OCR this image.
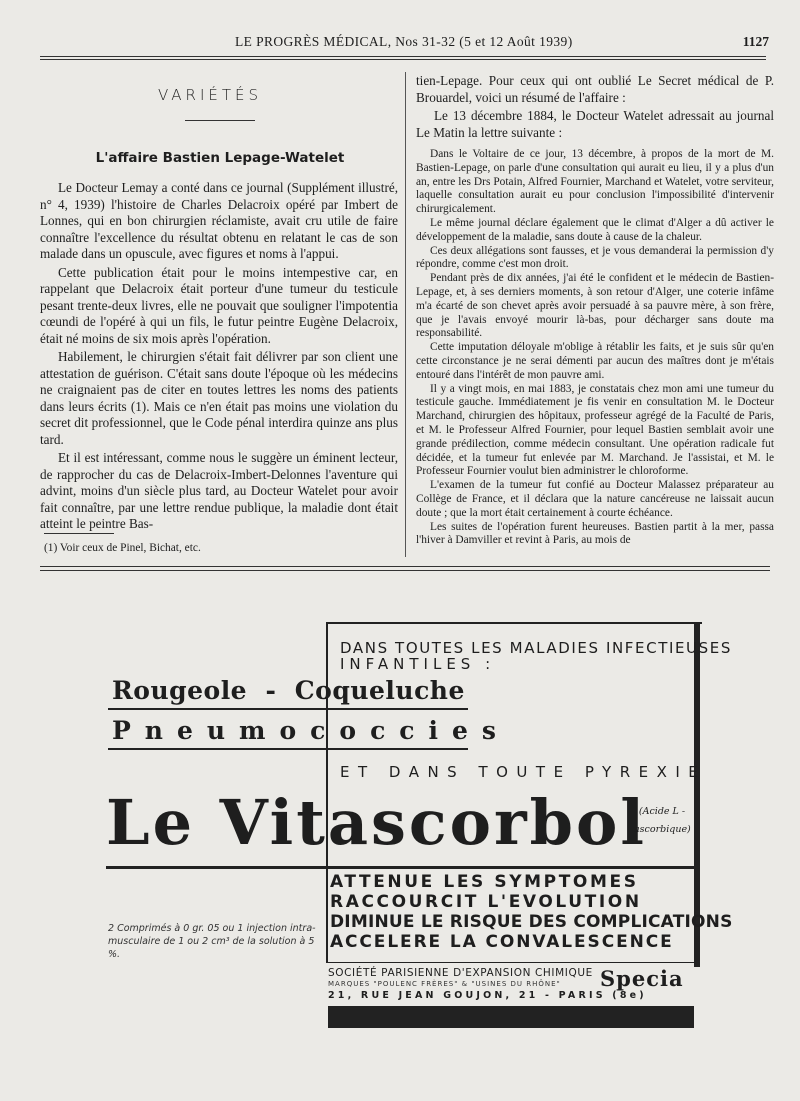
LE PROGRÈS MÉDICAL, Nos 31-32 (5 et 12 Août 1939)	1127
VARIÉTÉS
L'affaire Bastien Lepage-Watelet

Le Docteur Lemay a conté dans ce journal (Supplément illustré, n° 4, 1939) l'histoire de Charles Delacroix opéré par Imbert de Lonnes, qui en bon chirurgien réclamiste, avait cru utile de faire connaître l'excellence du résultat obtenu en relatant le cas de son malade dans un opuscule, avec figures et noms à l'appui.

Cette publication était pour le moins intempestive car, en rappelant que Delacroix était porteur d'une tumeur du testicule pesant trente-deux livres, elle ne pouvait que souligner l'impotentia cœundi de l'opéré à qui un fils, le futur peintre Eugène Delacroix, était né moins de six mois après l'opération.

Habilement, le chirurgien s'était fait délivrer par son client une attestation de guérison. C'était sans doute l'époque où les médecins ne craignaient pas de citer en toutes lettres les noms des patients dans leurs écrits (1). Mais ce n'en était pas moins une violation du secret dit professionnel, que le Code pénal interdira quinze ans plus tard.

Et il est intéressant, comme nous le suggère un éminent lecteur, de rapprocher du cas de Delacroix-Imbert-Delonnes l'aventure qui advint, moins d'un siècle plus tard, au Docteur Watelet pour avoir fait connaître, par une lettre rendue publique, la maladie dont était atteint le peintre Bas-

(1) Voir ceux de Pinel, Bichat, etc.

tien-Lepage. Pour ceux qui ont oublié Le Secret médical de P. Brouardel, voici un résumé de l'affaire :

Le 13 décembre 1884, le Docteur Watelet adressait au journal Le Matin la lettre suivante :

Dans le Voltaire de ce jour, 13 décembre, à propos de la mort de M. Bastien-Lepage, on parle d'une consultation qui aurait eu lieu, il y a plus d'un an, entre les Drs Potain, Alfred Fournier, Marchand et Watelet, votre serviteur, laquelle consultation aurait eu pour conclusion l'impossibilité d'intervenir chirurgicalement.

Le même journal déclare également que le climat d'Alger a dû activer le développement de la maladie, sans doute à cause de la chaleur.

Ces deux allégations sont fausses, et je vous demanderai la permission d'y répondre, comme c'est mon droit.

Pendant près de dix années, j'ai été le confident et le médecin de Bastien-Lepage, et, à ses derniers moments, à son retour d'Alger, une coterie infâme m'a écarté de son chevet après avoir persuadé à sa pauvre mère, à son frère, que je l'avais envoyé mourir là-bas, pour décharger sans doute ma responsabilité.

Cette imputation déloyale m'oblige à rétablir les faits, et je suis sûr qu'en cette circonstance je ne serai démenti par aucun des maîtres dont je m'étais entouré dans l'intérêt de mon pauvre ami.

Il y a vingt mois, en mai 1883, je constatais chez mon ami une tumeur du testicule gauche. Immédiatement je fis venir en consultation M. le Docteur Marchand, chirurgien des hôpitaux, professeur agrégé de la Faculté de Paris, et M. le Professeur Alfred Fournier, pour lequel Bastien semblait avoir une grande prédilection, comme médecin consultant. Une opération radicale fut décidée, et la tumeur fut enlevée par M. Marchand. Je l'assistai, et M. le Professeur Fournier voulut bien administrer le chloroforme.

L'examen de la tumeur fut confié au Docteur Malassez préparateur au Collège de France, et il déclara que la nature cancéreuse ne laissait aucun doute ; que la mort était certainement à courte échéance.

Les suites de l'opération furent heureuses. Bastien partit à la mer, passa l'hiver à Damviller et revint à Paris, au mois de

DANS TOUTES LES MALADIES INFECTIEUSES
INFANTILES :
Rougeole  -  Coqueluche
Pneumococcies
ET DANS TOUTE PYREXIE
Le Vitascorbol
(Acide L - ascorbique)
ATTENUE LES SYMPTOMES
RACCOURCIT L'EVOLUTION
DIMINUE LE RISQUE DES COMPLICATIONS
ACCELERE LA CONVALESCENCE
2 Comprimés à 0 gr. 05 ou 1 injection intra-musculaire de 1 ou 2 cm³ de la solution à 5 %.
SOCIÉTÉ PARISIENNE D'EXPANSION CHIMIQUE
MARQUES "POULENC FRÈRES" & "USINES DU RHÔNE" Specia
21, RUE JEAN GOUJON, 21 - PARIS (8e)
